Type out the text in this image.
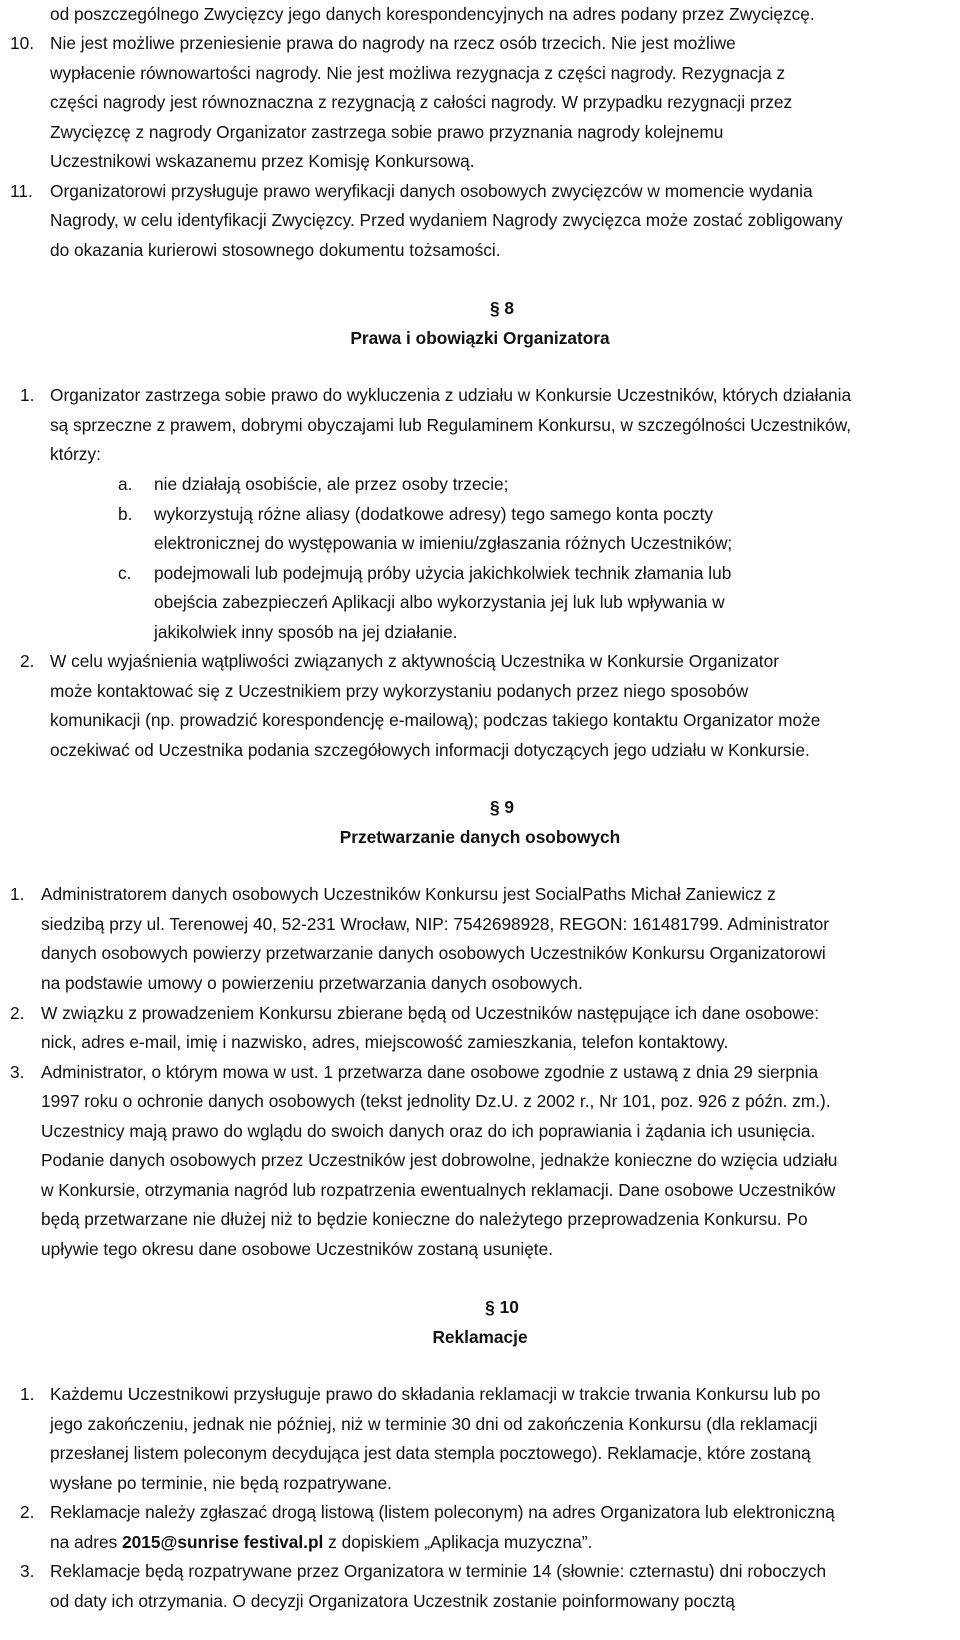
od poszczególnego Zwycięzcy jego danych korespondencyjnych na adres podany przez Zwycięzcę.
10. Nie jest możliwe przeniesienie prawa do nagrody na rzecz osób trzecich. Nie jest możliwe
wypłacenie równowartości nagrody. Nie jest możliwa rezygnacja z części nagrody. Rezygnacja z
części nagrody jest równoznaczna z rezygnacją z całości nagrody. W przypadku rezygnacji przez
Zwycięzcę z nagrody Organizator zastrzega sobie prawo przyznania nagrody kolejnemu
Uczestnikowi wskazanemu przez Komisję Konkursową.
11. Organizatorowi przysługuje prawo weryfikacji danych osobowych zwycięzców w momencie wydania
Nagrody, w celu identyfikacji Zwycięzcy. Przed wydaniem Nagrody zwycięzca może zostać zobligowany
do okazania kurierowi stosownego dokumentu tożsamości.
§ 8
Prawa i obowiązki Organizatora
1. Organizator zastrzega sobie prawo do wykluczenia z udziału w Konkursie Uczestników, których działania
są sprzeczne z prawem, dobrymi obyczajami lub Regulaminem Konkursu, w szczególności Uczestników,
którzy:
a. nie działają osobiście, ale przez osoby trzecie;
b. wykorzystują różne aliasy (dodatkowe adresy) tego samego konta poczty
elektronicznej do występowania w imieniu/zgłaszania różnych Uczestników;
c. podejmowali lub podejmują próby użycia jakichkolwiek technik złamania lub
obejścia zabezpieczeń Aplikacji albo wykorzystania jej luk lub wpływania w
jakikolwiek inny sposób na jej działanie.
2. W celu wyjaśnienia wątpliwości związanych z aktywnością Uczestnika w Konkursie Organizator
może kontaktować się z Uczestnikiem przy wykorzystaniu podanych przez niego sposobów
komunikacji (np. prowadzić korespondencję e-mailową); podczas takiego kontaktu Organizator może
oczekiwać od Uczestnika podania szczegółowych informacji dotyczących jego udziału w Konkursie.
§ 9
Przetwarzanie danych osobowych
1. Administratorem danych osobowych Uczestników Konkursu jest SocialPaths Michał Zaniewicz z
siedzibą przy ul. Terenowej 40, 52-231 Wrocław, NIP: 7542698928, REGON: 161481799. Administrator
danych osobowych powierzy przetwarzanie danych osobowych Uczestników Konkursu Organizatorowi
na podstawie umowy o powierzeniu przetwarzania danych osobowych.
2. W związku z prowadzeniem Konkursu zbierane będą od Uczestników następujące ich dane osobowe:
nick, adres e-mail, imię i nazwisko, adres, miejscowość zamieszkania, telefon kontaktowy.
3. Administrator, o którym mowa w ust. 1 przetwarza dane osobowe zgodnie z ustawą z dnia 29 sierpnia
1997 roku o ochronie danych osobowych (tekst jednolity Dz.U. z 2002 r., Nr 101, poz. 926 z późn. zm.).
Uczestnicy mają prawo do wglądu do swoich danych oraz do ich poprawiania i żądania ich usunięcia.
Podanie danych osobowych przez Uczestników jest dobrowolne, jednakże konieczne do wzięcia udziału
w Konkursie, otrzymania nagród lub rozpatrzenia ewentualnych reklamacji. Dane osobowe Uczestników
będą przetwarzane nie dłużej niż to będzie konieczne do należytego przeprowadzenia Konkursu. Po
upływie tego okresu dane osobowe Uczestników zostaną usunięte.
§ 10
Reklamacje
1. Każdemu Uczestnikowi przysługuje prawo do składania reklamacji w trakcie trwania Konkursu lub po
jego zakończeniu, jednak nie później, niż w terminie 30 dni od zakończenia Konkursu (dla reklamacji
przesłanej listem poleconym decydująca jest data stempla pocztowego). Reklamacje, które zostaną
wysłane po terminie, nie będą rozpatrywane.
2. Reklamacje należy zgłaszać drogą listową (listem poleconym) na adres Organizatora lub elektroniczną
na adres 2015@sunrise festival.pl z dopiskiem „Aplikacja muzyczna”.
3. Reklamacje będą rozpatrywane przez Organizatora w terminie 14 (słownie: czternastu) dni roboczych
od daty ich otrzymania. O decyzji Organizatora Uczestnik zostanie poinformowany pocztą
